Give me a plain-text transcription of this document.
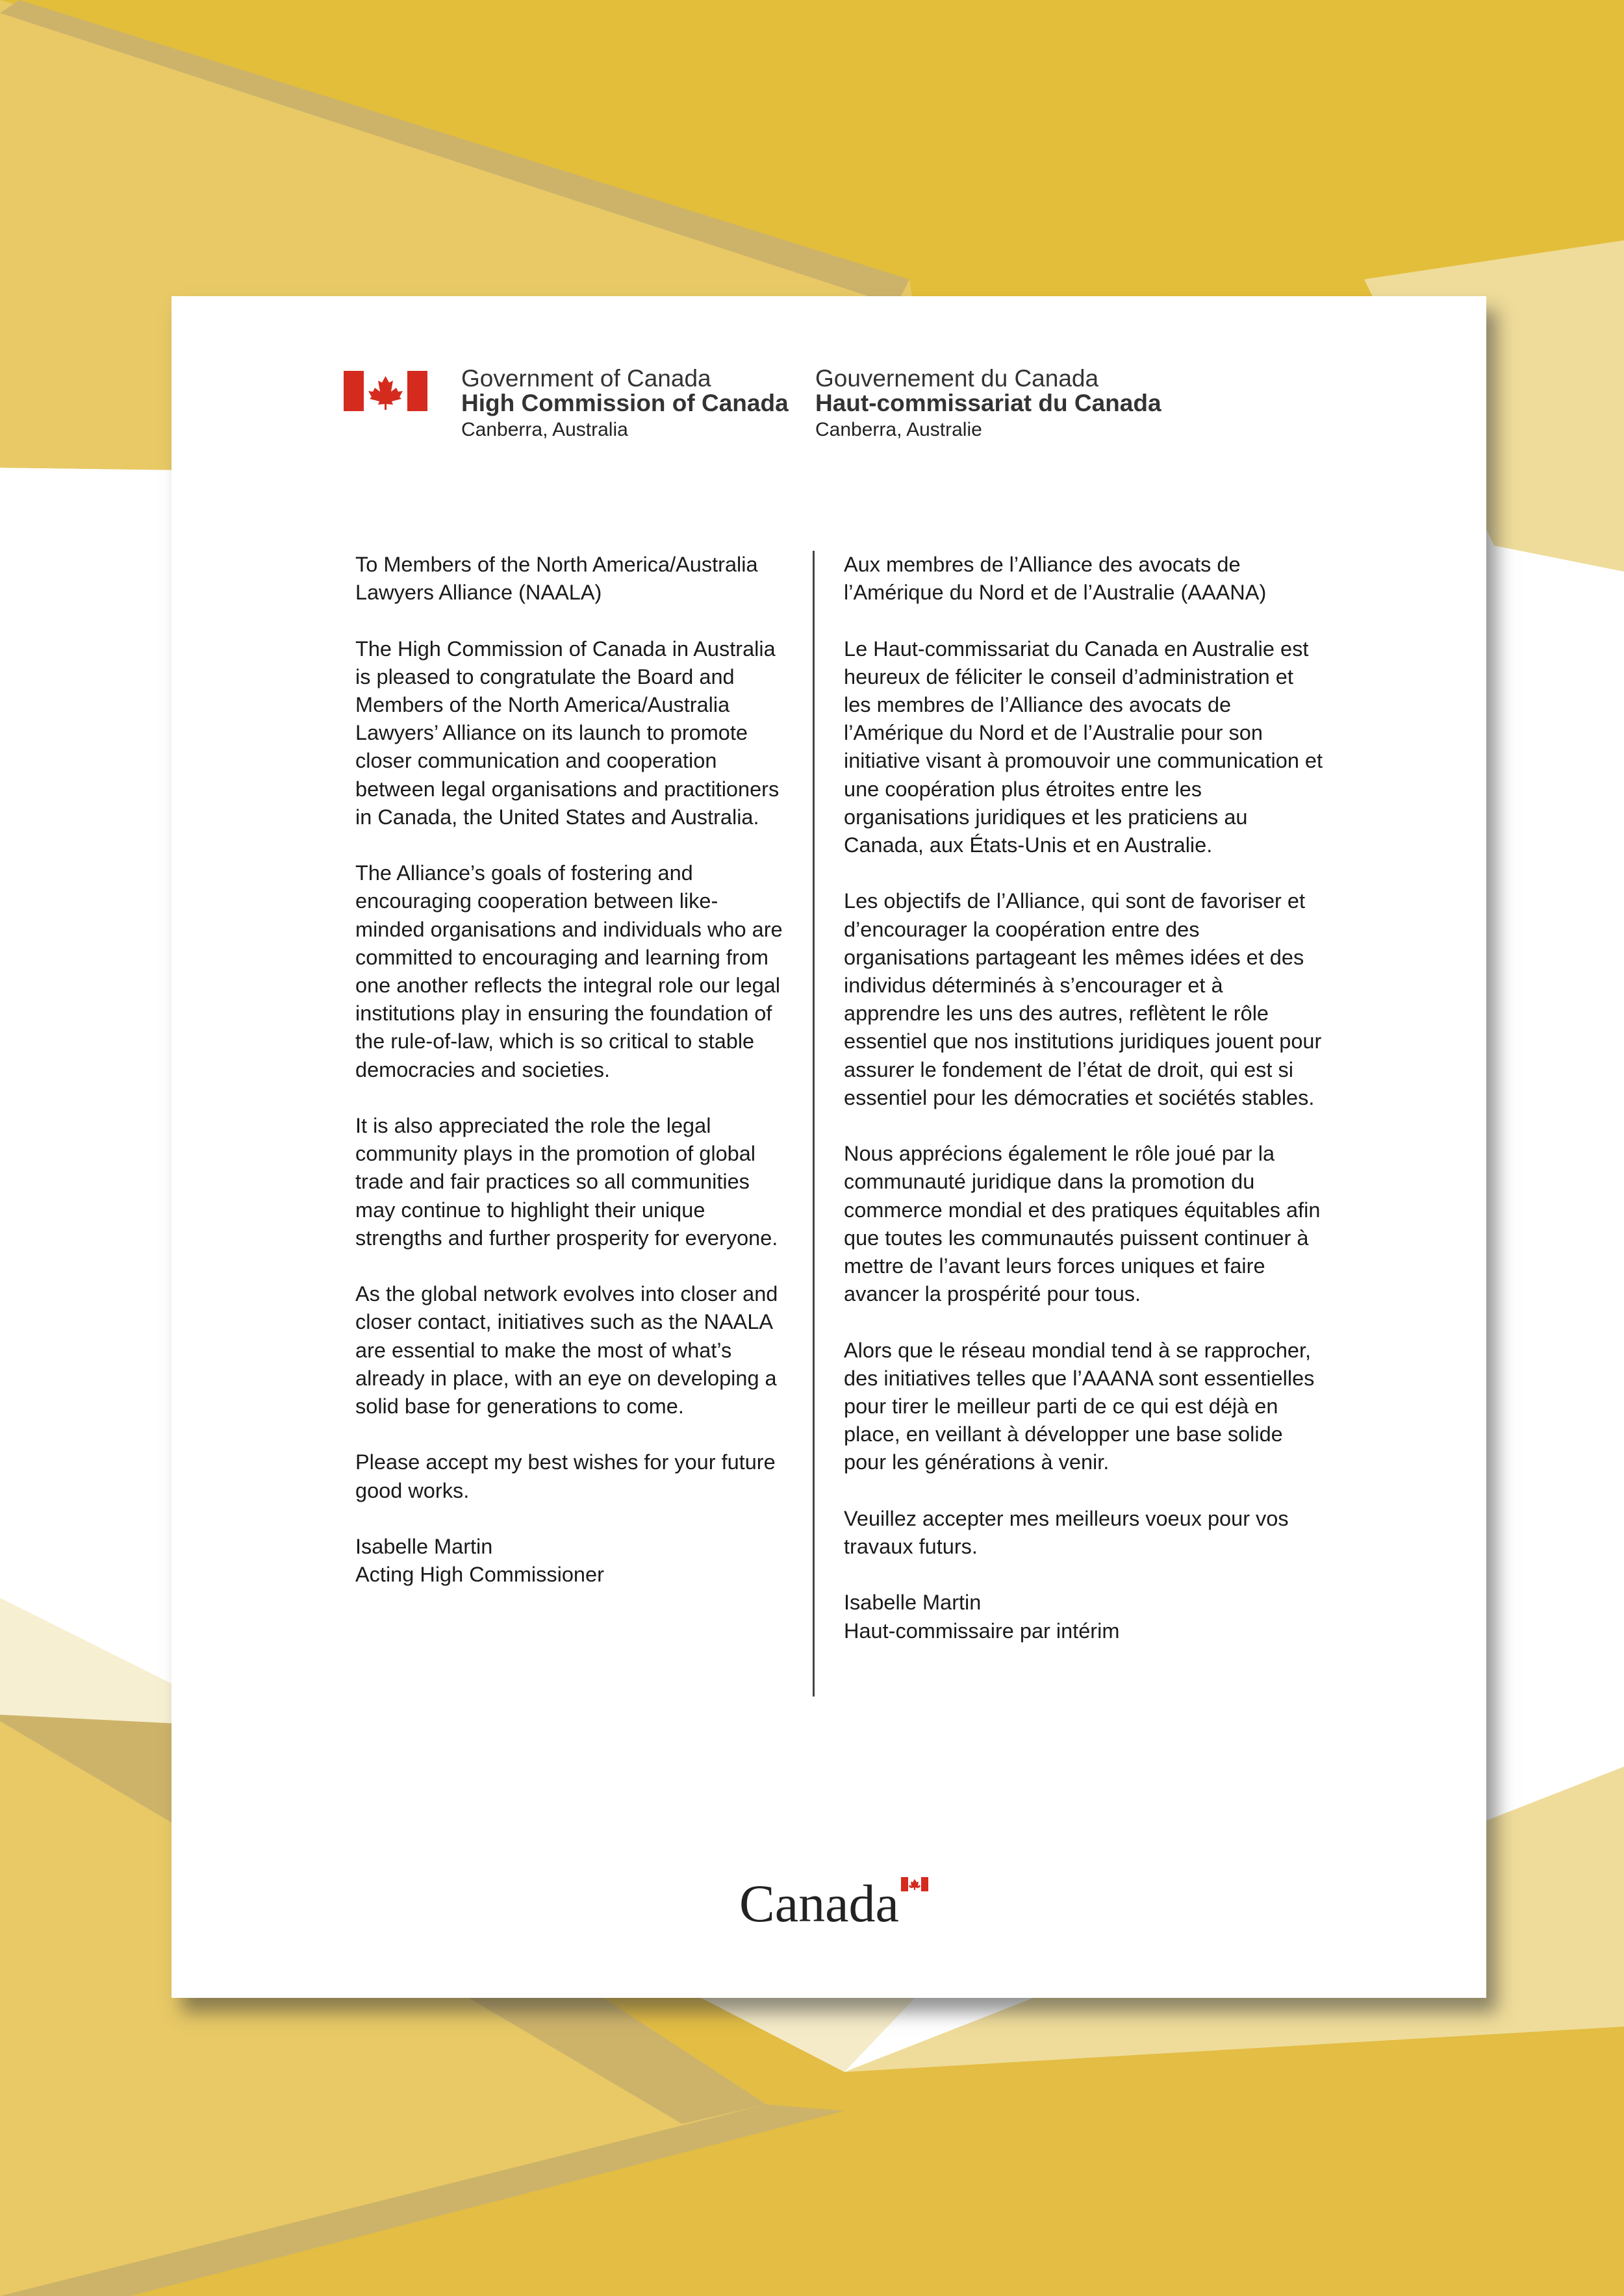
Government of Canada
High Commission of Canada
Canberra, Australia
Gouvernement du Canada
Haut-commissariat du Canada
Canberra, Australie

To Members of the North America/Australia Lawyers Alliance (NAALA)

The High Commission of Canada in Australia is pleased to congratulate the Board and Members of the North America/Australia Lawyers’ Alliance on its launch to promote closer communication and cooperation between legal organisations and practitioners in Canada, the United States and Australia.

The Alliance’s goals of fostering and encouraging cooperation between like-minded organisations and individuals who are committed to encouraging and learning from one another reflects the integral role our legal institutions play in ensuring the foundation of the rule-of-law, which is so critical to stable democracies and societies.

It is also appreciated the role the legal community plays in the promotion of global trade and fair practices so all communities may continue to highlight their unique strengths and further prosperity for everyone.

As the global network evolves into closer and closer contact, initiatives such as the NAALA are essential to make the most of what’s already in place, with an eye on developing a solid base for generations to come.

Please accept my best wishes for your future good works.

Isabelle Martin
Acting High Commissioner

Aux membres de l’Alliance des avocats de l’Amérique du Nord et de l’Australie (AAANA)

Le Haut-commissariat du Canada en Australie est heureux de féliciter le conseil d’administration et les membres de l’Alliance des avocats de l’Amérique du Nord et de l’Australie pour son initiative visant à promouvoir une communication et une coopération plus étroites entre les organisations juridiques et les praticiens au Canada, aux États-Unis et en Australie.

Les objectifs de l’Alliance, qui sont de favoriser et d’encourager la coopération entre des organisations partageant les mêmes idées et des individus déterminés à s’encourager et à apprendre les uns des autres, reflètent le rôle essentiel que nos institutions juridiques jouent pour assurer le fondement de l’état de droit, qui est si essentiel pour les démocraties et sociétés stables.

Nous apprécions également le rôle joué par la communauté juridique dans la promotion du commerce mondial et des pratiques équitables afin que toutes les communautés puissent continuer à mettre de l’avant leurs forces uniques et faire avancer la prospérité pour tous.

Alors que le réseau mondial tend à se rapprocher, des initiatives telles que l’AAANA sont essentielles pour tirer le meilleur parti de ce qui est déjà en place, en veillant à développer une base solide pour les générations à venir.

Veuillez accepter mes meilleurs voeux pour vos travaux futurs.

Isabelle Martin
Haut-commissaire par intérim

Canada
